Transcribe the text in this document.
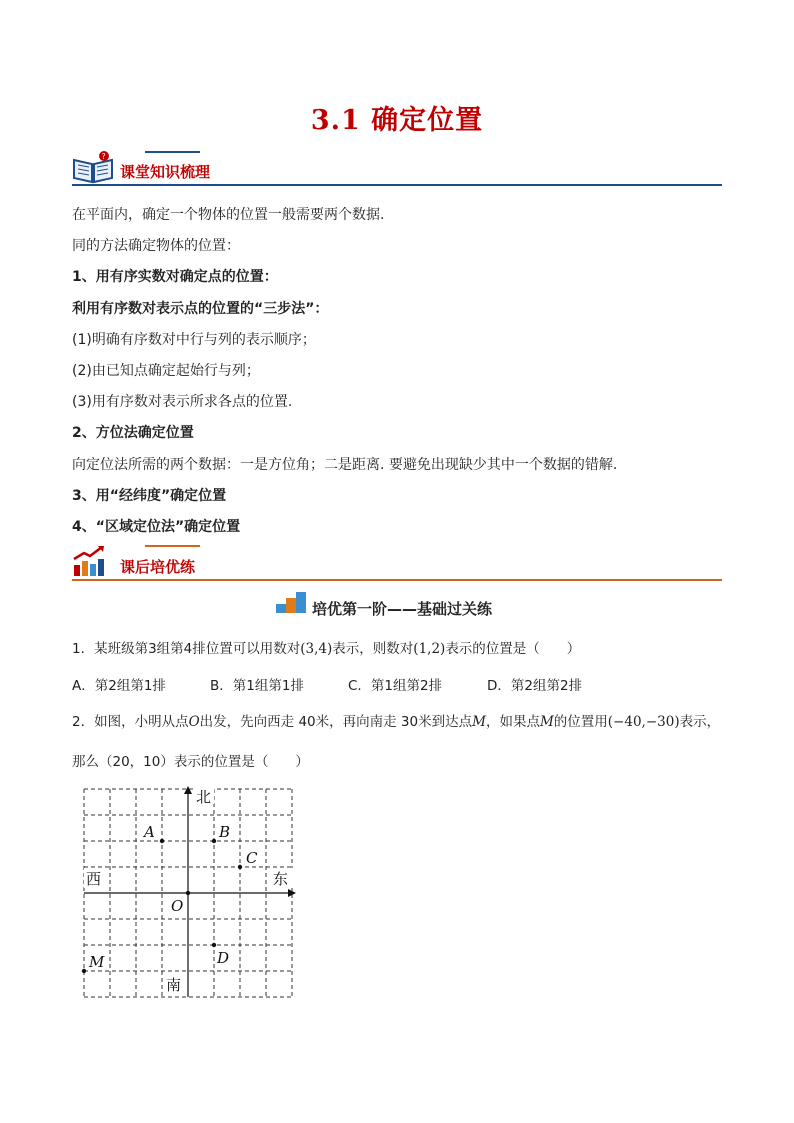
3.1 确定位置
?
课堂知识梳理
在平面内，确定一个物体的位置一般需要两个数据.
同的方法确定物体的位置：
1、用有序实数对确定点的位置：
利用有序数对表示点的位置的“三步法”：
(1)明确有序数对中行与列的表示顺序；
(2)由已知点确定起始行与列；
(3)用有序数对表示所求各点的位置.
2、方位法确定位置
向定位法所需的两个数据：一是方位角；二是距离. 要避免出现缺少其中一个数据的错解.
3、用“经纬度”确定位置
4、“区域定位法”确定位置
课后培优练
培优第一阶——基础过关练
1．某班级第3组第4排位置可以用数对(3,4)表示，则数对(1,2)表示的位置是（　　）
A．第2组第1排	B．第1组第1排	C．第1组第2排	D．第2组第2排
2．如图，小明从点O出发，先向西走 40米，再向南走 30米到达点M，如果点M的位置用(−40,−30)表示，
那么（20，10）表示的位置是（　　）
北
西	东
南
A	B
C
O
D
M
